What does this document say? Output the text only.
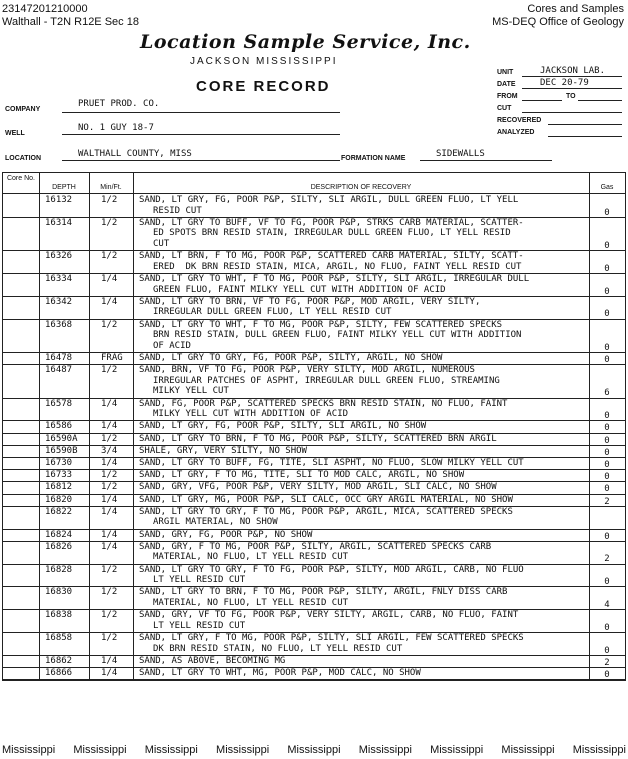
23147201210000
Walthall - T2N R12E Sec 18
Cores and Samples
MS-DEQ Office of Geology
Location Sample Service, Inc.
JACKSON MISSISSIPPI
CORE RECORD
UNIT	JACKSON LAB.
DATE	DEC 20-79
FROM	TO
CUT
RECOVERED
ANALYZED
COMPANY
PRUET PROD. CO.
WELL
NO. 1 GUY 18-7
LOCATION	WALTHALL COUNTY, MISS	FORMATION NAME	SIDEWALLS
Core No.
DEPTH	Min/Ft.	DESCRIPTION OF RECOVERY	Gas
16132	1/2 SAND, LT GRY, FG, POOR P&P, SILTY, SLI ARGIL, DULL GREEN FLUO, LT YELL
RESID CUT	0
16314	1/2 SAND, LT GRY TO BUFF, VF TO FG, POOR P&P, STRKS CARB MATERIAL, SCATTER-
ED SPOTS BRN RESID STAIN, IRREGULAR DULL GREEN FLUO, LT YELL RESID
CUT	0
16326	1/2 SAND, LT BRN, F TO MG, POOR P&P, SCATTERED CARB MATERIAL, SILTY, SCATT-
ERED  DK BRN RESID STAIN, MICA, ARGIL, NO FLUO, FAINT YELL RESID CUT	0
16334	1/4 SAND, LT GRY TO WHT, F TO MG, POOR P&P, SILTY, SLI ARGIL, IRREGULAR DULL
GREEN FLUO, FAINT MILKY YELL CUT WITH ADDITION OF ACID	0
16342	1/4 SAND, LT GRY TO BRN, VF TO FG, POOR P&P, MOD ARGIL, VERY SILTY,
IRREGULAR DULL GREEN FLUO, LT YELL RESID CUT	0
16368	1/2 SAND, LT GRY TO WHT, F TO MG, POOR P&P, SILTY, FEW SCATTERED SPECKS
BRN RESID STAIN, DULL GREEN FLUO, FAINT MILKY YELL CUT WITH ADDITION
OF ACID	0
16478	FRAG SAND, LT GRY TO GRY, FG, POOR P&P, SILTY, ARGIL, NO SHOW	0
16487	1/2 SAND, BRN, VF TO FG, POOR P&P, VERY SILTY, MOD ARGIL, NUMEROUS
IRREGULAR PATCHES OF ASPHT, IRREGULAR DULL GREEN FLUO, STREAMING
MILKY YELL CUT	6
16578	1/4 SAND, FG, POOR P&P, SCATTERED SPECKS BRN RESID STAIN, NO FLUO, FAINT
MILKY YELL CUT WITH ADDITION OF ACID	0
16586	1/4 SAND, LT GRY, FG, POOR P&P, SILTY, SLI ARGIL, NO SHOW	0
16590A	1/2 SAND, LT GRY TO BRN, F TO MG, POOR P&P, SILTY, SCATTERED BRN ARGIL	0
16590B	3/4 SHALE, GRY, VERY SILTY, NO SHOW	0
16730	1/4 SAND, LT GRY TO BUFF, FG, TITE, SLI ASPHT, NO FLUO, SLOW MILKY YELL CUT	0
16733	1/2 SAND, LT GRY, F TO MG, TITE, SLI TO MOD CALC, ARGIL, NO SHOW	0
16812	1/2 SAND, GRY, VFG, POOR P&P, VERY SILTY, MOD ARGIL, SLI CALC, NO SHOW	0
16820	1/4 SAND, LT GRY, MG, POOR P&P, SLI CALC, OCC GRY ARGIL MATERIAL, NO SHOW	2
16822	1/4 SAND, LT GRY TO GRY, F TO MG, POOR P&P, ARGIL, MICA, SCATTERED SPECKS
ARGIL MATERIAL, NO SHOW
16824	1/4 SAND, GRY, FG, POOR P&P, NO SHOW	0
16826	1/4 SAND, GRY, F TO MG, POOR P&P, SILTY, ARGIL, SCATTERED SPECKS CARB
MATERIAL, NO FLUO, LT YELL RESID CUT	2
16828	1/2 SAND, LT GRY TO GRY, F TO FG, POOR P&P, SILTY, MOD ARGIL, CARB, NO FLUO
LT YELL RESID CUT	0
16830	1/2 SAND, LT GRY TO BRN, F TO MG, POOR P&P, SILTY, ARGIL, FNLY DISS CARB
MATERIAL, NO FLUO, LT YELL RESID CUT	4
16838	1/2 SAND, GRY, VF TO FG, POOR P&P, VERY SILTY, ARGIL, CARB, NO FLUO, FAINT
LT YELL RESID CUT	0
16858	1/2 SAND, LT GRY, F TO MG, POOR P&P, SILTY, SLI ARGIL, FEW SCATTERED SPECKS
DK BRN RESID STAIN, NO FLUO, LT YELL RESID CUT	0
16862	1/4 SAND, AS ABOVE, BECOMING MG	2
16866	1/4 SAND, LT GRY TO WHT, MG, POOR P&P, MOD CALC, NO SHOW	0
Mississippi Mississippi Mississippi Mississippi Mississippi Mississippi Mississippi Mississippi Mississippi
